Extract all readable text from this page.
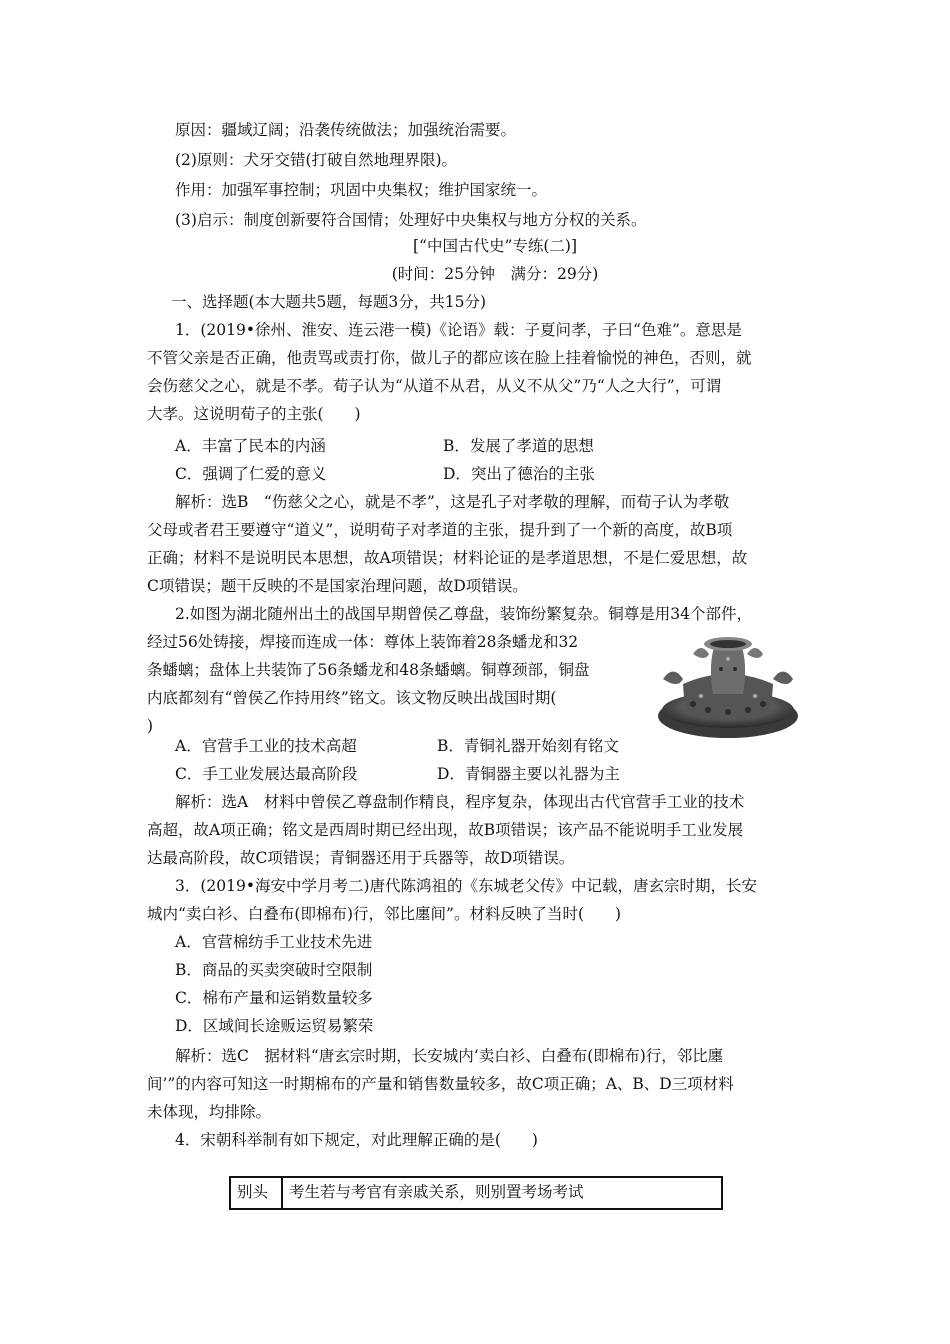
原因：疆域辽阔；沿袭传统做法；加强统治需要。
(2)原则：犬牙交错(打破自然地理界限)。
作用：加强军事控制；巩固中央集权；维护国家统一。
(3)启示：制度创新要符合国情；处理好中央集权与地方分权的关系。
[“中国古代史”专练(二)]
(时间：25分钟　满分：29分)
一、选择题(本大题共5题，每题3分，共15分)
1．(2019•徐州、淮安、连云港一模)《论语》载：子夏问孝，子曰“色难”。意思是
不管父亲是否正确，他责骂或责打你，做儿子的都应该在脸上挂着愉悦的神色，否则，就
会伤慈父之心，就是不孝。荀子认为“从道不从君，从义不从父”乃“人之大行”，可谓
大孝。这说明荀子的主张(　　)
A．丰富了民本的内涵	B．发展了孝道的思想
C．强调了仁爱的意义	D．突出了德治的主张
解析：选B　“伤慈父之心，就是不孝”，这是孔子对孝敬的理解，而荀子认为孝敬
父母或者君王要遵守“道义”，说明荀子对孝道的主张，提升到了一个新的高度，故B项
正确；材料不是说明民本思想，故A项错误；材料论证的是孝道思想，不是仁爱思想，故
C项错误；题干反映的不是国家治理问题，故D项错误。
2.如图为湖北随州出土的战国早期曾侯乙尊盘，装饰纷繁复杂。铜尊是用34个部件，
经过56处铸接，焊接而连成一体：尊体上装饰着28条蟠龙和32
条蟠螭；盘体上共装饰了56条蟠龙和48条蟠螭。铜尊颈部，铜盘
内底都刻有“曾侯乙作持用终”铭文。该文物反映出战国时期(
)
A．官营手工业的技术高超	B．青铜礼器开始刻有铭文
C．手工业发展达最高阶段	D．青铜器主要以礼器为主
解析：选A　材料中曾侯乙尊盘制作精良，程序复杂，体现出古代官营手工业的技术
高超，故A项正确；铭文是西周时期已经出现，故B项错误；该产品不能说明手工业发展
达最高阶段，故C项错误；青铜器还用于兵器等，故D项错误。
3．(2019•海安中学月考二)唐代陈鸿祖的《东城老父传》中记载，唐玄宗时期，长安
城内“卖白衫、白叠布(即棉布)行，邻比廛间”。材料反映了当时(　　)
A．官营棉纺手工业技术先进
B．商品的买卖突破时空限制
C．棉布产量和运销数量较多
D．区域间长途贩运贸易繁荣
解析：选C　据材料“唐玄宗时期，长安城内‘卖白衫、白叠布(即棉布)行，邻比廛
间’”的内容可知这一时期棉布的产量和销售数量较多，故C项正确；A、B、D三项材料
未体现，均排除。
4．宋朝科举制有如下规定，对此理解正确的是(　　)
别头	考生若与考官有亲戚关系，则别置考场考试
